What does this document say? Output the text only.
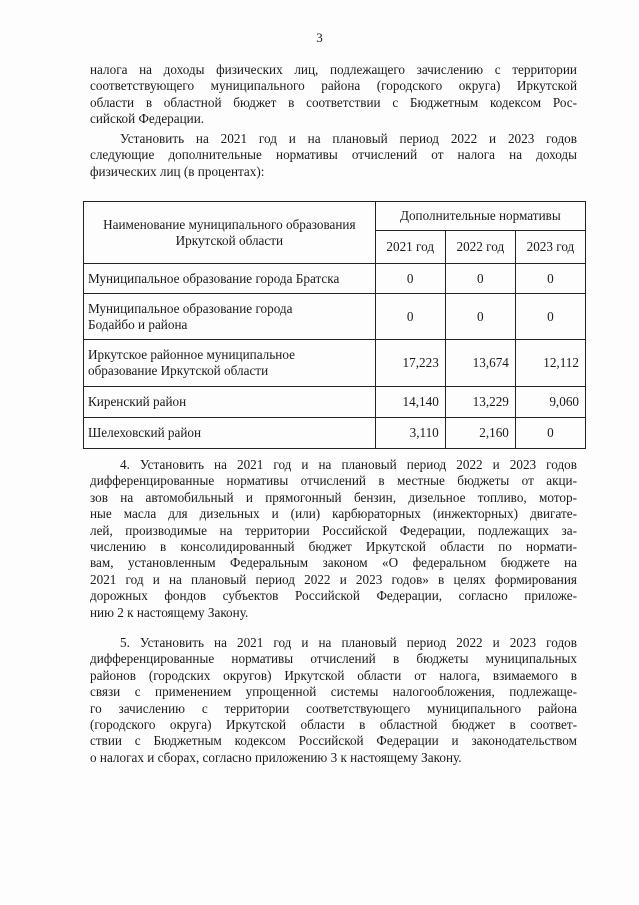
3
налога на доходы физических лиц, подлежащего зачислению с территории
соответствующего муниципального района (городского округа) Иркутской
области в областной бюджет в соответствии с Бюджетным кодексом Рос-
сийской Федерации.
Установить на 2021 год и на плановый период 2022 и 2023 годов
следующие дополнительные нормативы отчислений от налога на доходы
физических лиц (в процентах):
Наименование муниципального образования
Иркутской области	Дополнительные нормативы		
	2021 год	2022 год	2023 год

Муниципальное образование города Братска	0	0	0

Муниципальное образование города
Бодайбо и района	0	0	0

Иркутское районное муниципальное
образование Иркутской области	17,223	13,674	12,112

Киренский район	14,140	13,229	9,060

Шелеховский район	3,110	2,160	0
4. Установить на 2021 год и на плановый период 2022 и 2023 годов
дифференцированные нормативы отчислений в местные бюджеты от акци-
зов на автомобильный и прямогонный бензин, дизельное топливо, мотор-
ные масла для дизельных и (или) карбюраторных (инжекторных) двигате-
лей, производимые на территории Российской Федерации, подлежащих за-
числению в консолидированный бюджет Иркутской области по нормати-
вам, установленным Федеральным законом «О федеральном бюджете на
2021 год и на плановый период 2022 и 2023 годов» в целях формирования
дорожных фондов субъектов Российской Федерации, согласно приложе-
нию 2 к настоящему Закону.
5. Установить на 2021 год и на плановый период 2022 и 2023 годов
дифференцированные нормативы отчислений в бюджеты муниципальных
районов (городских округов) Иркутской области от налога, взимаемого в
связи с применением упрощенной системы налогообложения, подлежаще-
го зачислению с территории соответствующего муниципального района
(городского округа) Иркутской области в областной бюджет в соответ-
ствии с Бюджетным кодексом Российской Федерации и законодательством
о налогах и сборах, согласно приложению 3 к настоящему Закону.
